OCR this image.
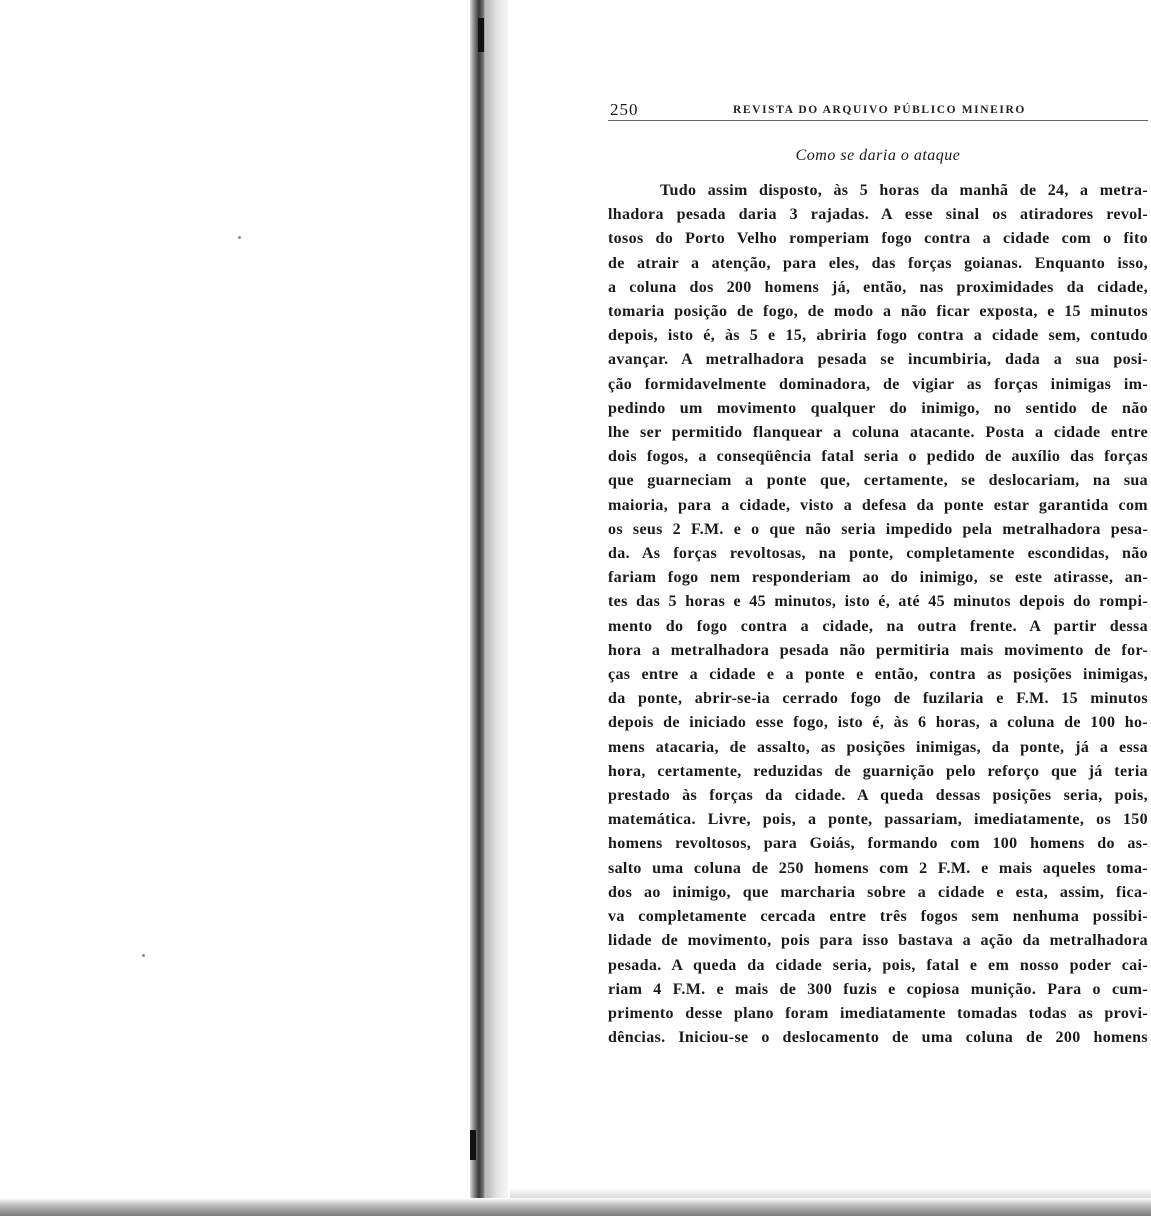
250	REVISTA DO ARQUIVO PÚBLICO MINEIRO
Como se daria o ataque
Tudo assim disposto, às 5 horas da manhã de 24, a metra-
lhadora pesada daria 3 rajadas. A esse sinal os atiradores revol-
tosos do Porto Velho romperiam fogo contra a cidade com o fito
de atrair a atenção, para eles, das forças goianas. Enquanto isso,
a coluna dos 200 homens já, então, nas proximidades da cidade,
tomaria posição de fogo, de modo a não ficar exposta, e 15 minutos
depois, isto é, às 5 e 15, abriria fogo contra a cidade sem, contudo
avançar. A metralhadora pesada se incumbiria, dada a sua posi-
ção formidavelmente dominadora, de vigiar as forças inimigas im-
pedindo um movimento qualquer do inimigo, no sentido de não
lhe ser permitido flanquear a coluna atacante. Posta a cidade entre
dois fogos, a conseqüência fatal seria o pedido de auxílio das forças
que guarneciam a ponte que, certamente, se deslocariam, na sua
maioria, para a cidade, visto a defesa da ponte estar garantida com
os seus 2 F.M. e o que não seria impedido pela metralhadora pesa-
da. As forças revoltosas, na ponte, completamente escondidas, não
fariam fogo nem responderiam ao do inimigo, se este atirasse, an-
tes das 5 horas e 45 minutos, isto é, até 45 minutos depois do rompi-
mento do fogo contra a cidade, na outra frente. A partir dessa
hora a metralhadora pesada não permitiria mais movimento de for-
ças entre a cidade e a ponte e então, contra as posições inimigas,
da ponte, abrir-se-ia cerrado fogo de fuzilaria e F.M. 15 minutos
depois de iniciado esse fogo, isto é, às 6 horas, a coluna de 100 ho-
mens atacaria, de assalto, as posições inimigas, da ponte, já a essa
hora, certamente, reduzidas de guarnição pelo reforço que já teria
prestado às forças da cidade. A queda dessas posições seria, pois,
matemática. Livre, pois, a ponte, passariam, imediatamente, os 150
homens revoltosos, para Goiás, formando com 100 homens do as-
salto uma coluna de 250 homens com 2 F.M. e mais aqueles toma-
dos ao inimigo, que marcharia sobre a cidade e esta, assim, fica-
va completamente cercada entre três fogos sem nenhuma possibi-
lidade de movimento, pois para isso bastava a ação da metralhadora
pesada. A queda da cidade seria, pois, fatal e em nosso poder cai-
riam 4 F.M. e mais de 300 fuzis e copiosa munição. Para o cum-
primento desse plano foram imediatamente tomadas todas as provi-
dências. Iniciou-se o deslocamento de uma coluna de 200 homens
